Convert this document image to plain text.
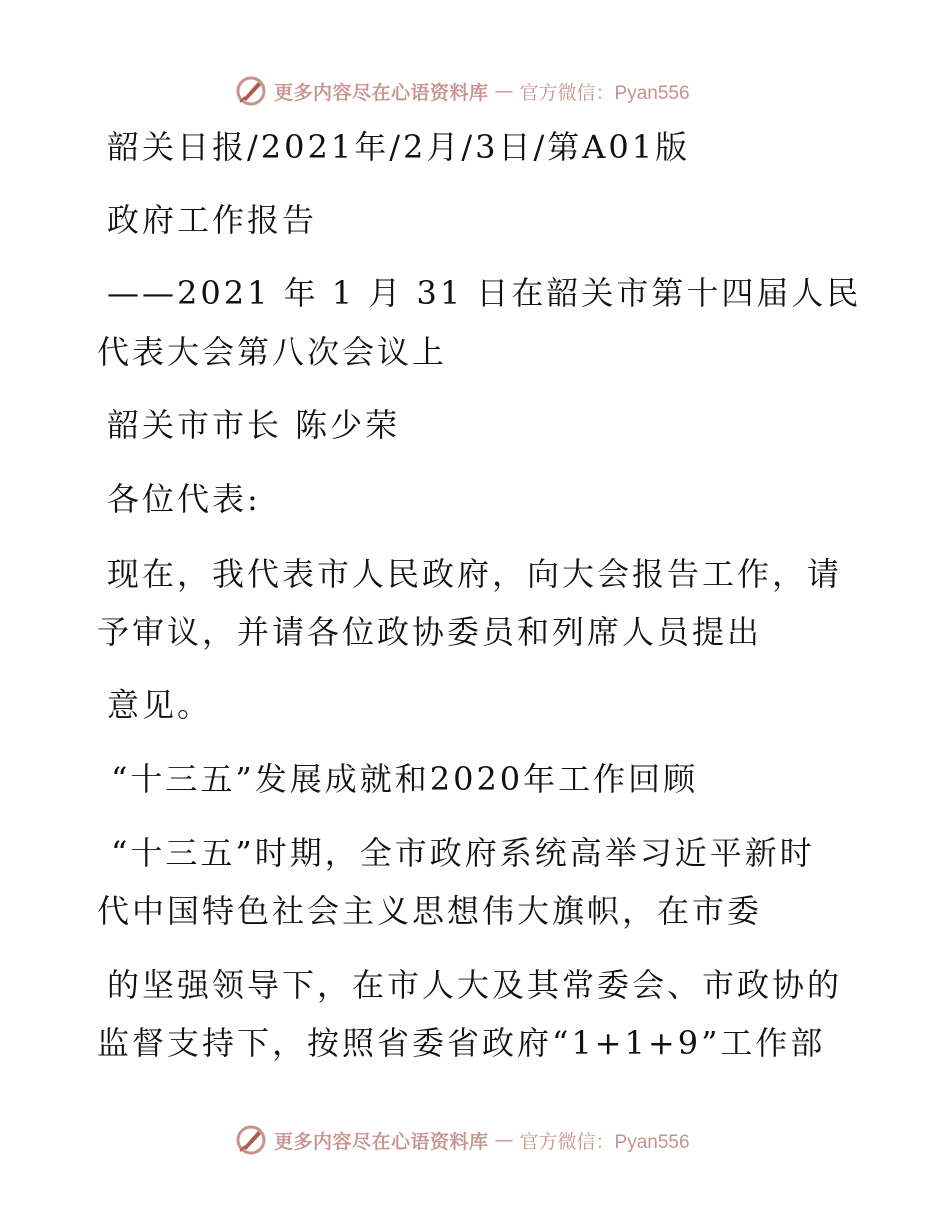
更多内容尽在心语资料库 — 官方微信：Pyan556
韶关日报/2021年/2月/3日/第A01版
政府工作报告
——2021 年 1 月 31 日在韶关市第十四届人民
代表大会第八次会议上
韶关市市长 陈少荣
各位代表:
现在，我代表市人民政府，向大会报告工作，请
予审议，并请各位政协委员和列席人员提出
意见。
“十三五”发展成就和2020年工作回顾
“十三五”时期，全市政府系统高举习近平新时
代中国特色社会主义思想伟大旗帜，在市委
的坚强领导下，在市人大及其常委会、市政协的
监督支持下，按照省委省政府“1+1+9”工作部
更多内容尽在心语资料库 — 官方微信：Pyan556
